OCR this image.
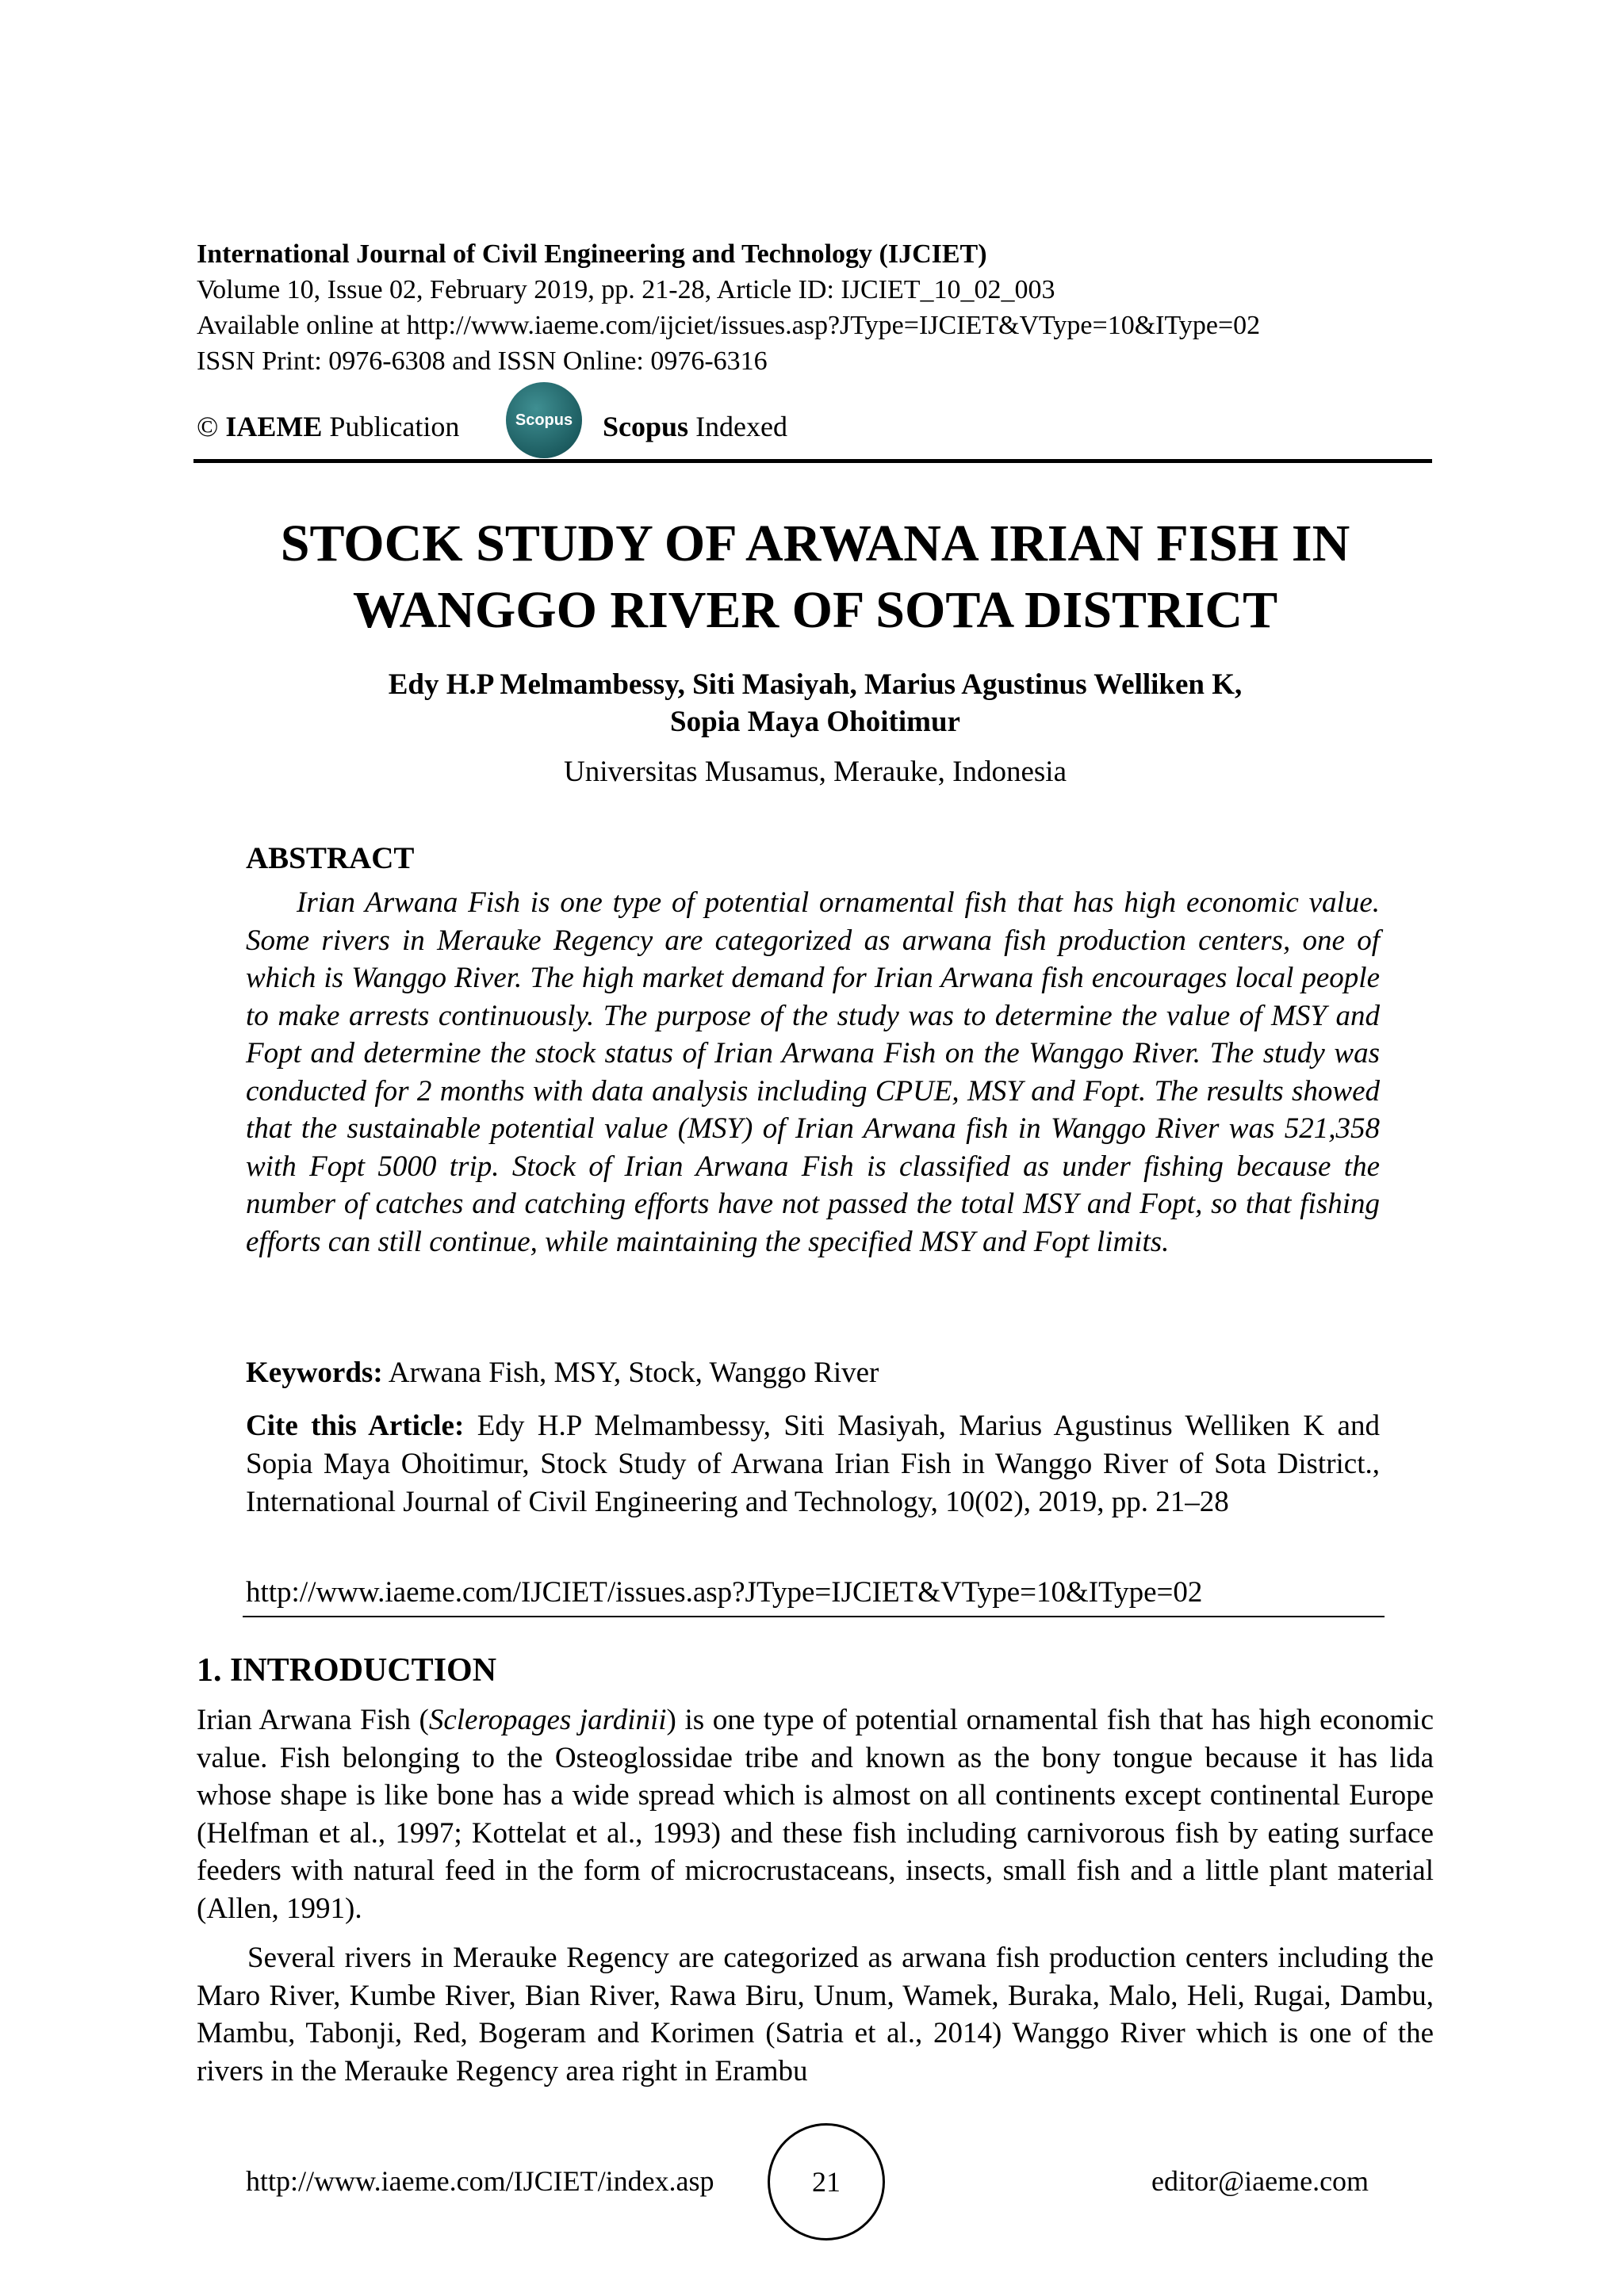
International Journal of Civil Engineering and Technology (IJCIET)
Volume 10, Issue 02, February 2019, pp. 21-28, Article ID: IJCIET_10_02_003
Available online at http://www.iaeme.com/ijciet/issues.asp?JType=IJCIET&VType=10&IType=02
ISSN Print: 0976-6308 and ISSN Online: 0976-6316
© IAEME Publication	Scopus Scopus Indexed
STOCK STUDY OF ARWANA IRIAN FISH IN
WANGGO RIVER OF SOTA DISTRICT
Edy H.P Melmambessy, Siti Masiyah, Marius Agustinus Welliken K,
Sopia Maya Ohoitimur
Universitas Musamus, Merauke, Indonesia
ABSTRACT
Irian Arwana Fish is one type of potential ornamental fish that has high economic value. Some rivers in Merauke Regency are categorized as arwana fish production centers, one of which is Wanggo River. The high market demand for Irian Arwana fish encourages local people to make arrests continuously. The purpose of the study was to determine the value of MSY and Fopt and determine the stock status of Irian Arwana Fish on the Wanggo River. The study was conducted for 2 months with data analysis including CPUE, MSY and Fopt. The results showed that the sustainable potential value (MSY) of Irian Arwana fish in Wanggo River was 521,358 with Fopt 5000 trip. Stock of Irian Arwana Fish is classified as under fishing because the number of catches and catching efforts have not passed the total MSY and Fopt, so that fishing efforts can still continue, while maintaining the specified MSY and Fopt limits.
Keywords: Arwana Fish, MSY, Stock, Wanggo River
Cite this Article: Edy H.P Melmambessy, Siti Masiyah, Marius Agustinus Welliken K and Sopia Maya Ohoitimur, Stock Study of Arwana Irian Fish in Wanggo River of Sota District., International Journal of Civil Engineering and Technology, 10(02), 2019, pp. 21–28
http://www.iaeme.com/IJCIET/issues.asp?JType=IJCIET&VType=10&IType=02
1. INTRODUCTION
Irian Arwana Fish (Scleropages jardinii) is one type of potential ornamental fish that has high economic value. Fish belonging to the Osteoglossidae tribe and known as the bony tongue because it has lida whose shape is like bone has a wide spread which is almost on all continents except continental Europe (Helfman et al., 1997; Kottelat et al., 1993) and these fish including carnivorous fish by eating surface feeders with natural feed in the form of microcrustaceans, insects, small fish and a little plant material (Allen, 1991).
Several rivers in Merauke Regency are categorized as arwana fish production centers including the Maro River, Kumbe River, Bian River, Rawa Biru, Unum, Wamek, Buraka, Malo, Heli, Rugai, Dambu, Mambu, Tabonji, Red, Bogeram and Korimen (Satria et al., 2014) Wanggo River which is one of the rivers in the Merauke Regency area right in Erambu
http://www.iaeme.com/IJCIET/index.asp	21	editor@iaeme.com
